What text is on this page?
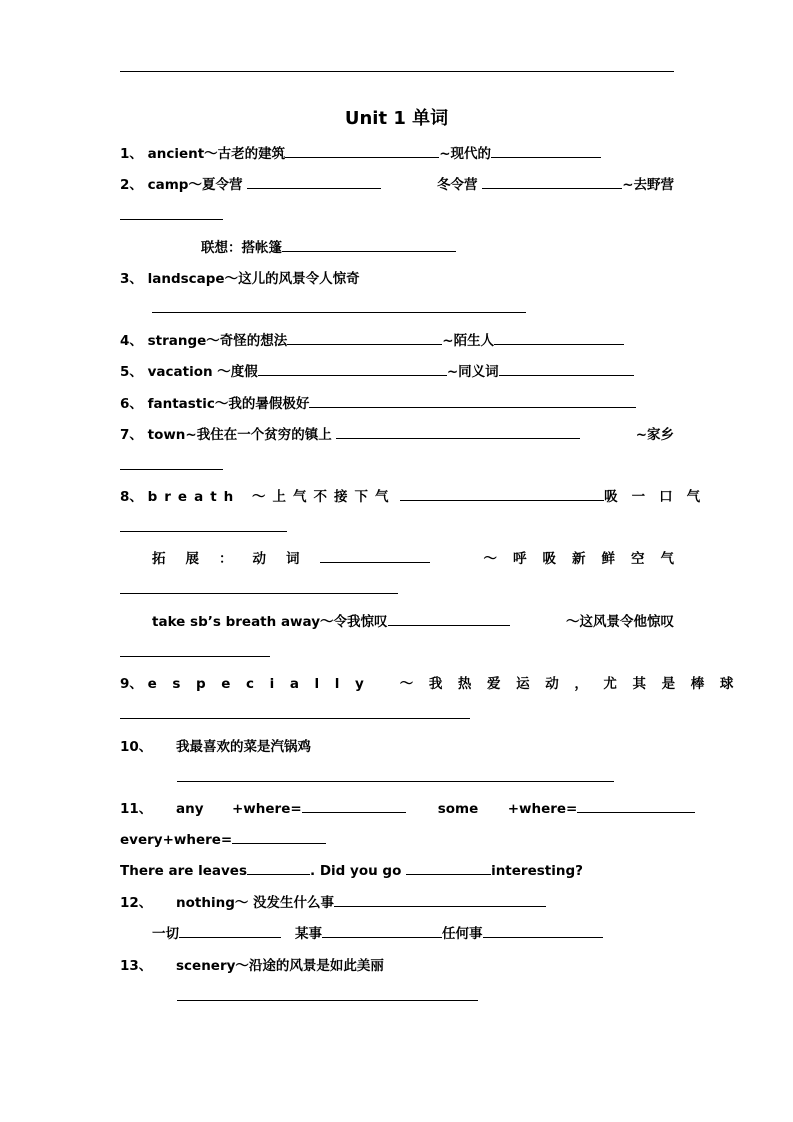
Unit 1 单词
1、 ancient～古老的建筑	~现代的
2、 camp～夏令营	冬令营	~去野营
联想：搭帐篷
3、 landscape～这儿的风景令人惊奇
4、 strange～奇怪的想法	~陌生人
5、 vacation ～度假	~同义词
6、 fantastic～我的暑假极好
7、 town~我住在一个贫穷的镇上	~家乡
8、 breath ～上气不接下气	吸一口气
拓展：动词	～呼吸新鲜空气
take sb’s breath away～令我惊叹	～这风景令他惊叹
9、 especially ～我热爱运动，尤其是棒球
10、 我最喜欢的菜是汽锅鸡
11、 any +where=	some +where=
every+where=
There are leaves	. Did you go	interesting?
12、 nothing～ 没发生什么事
一切	某事	任何事
13、 scenery～沿途的风景是如此美丽
